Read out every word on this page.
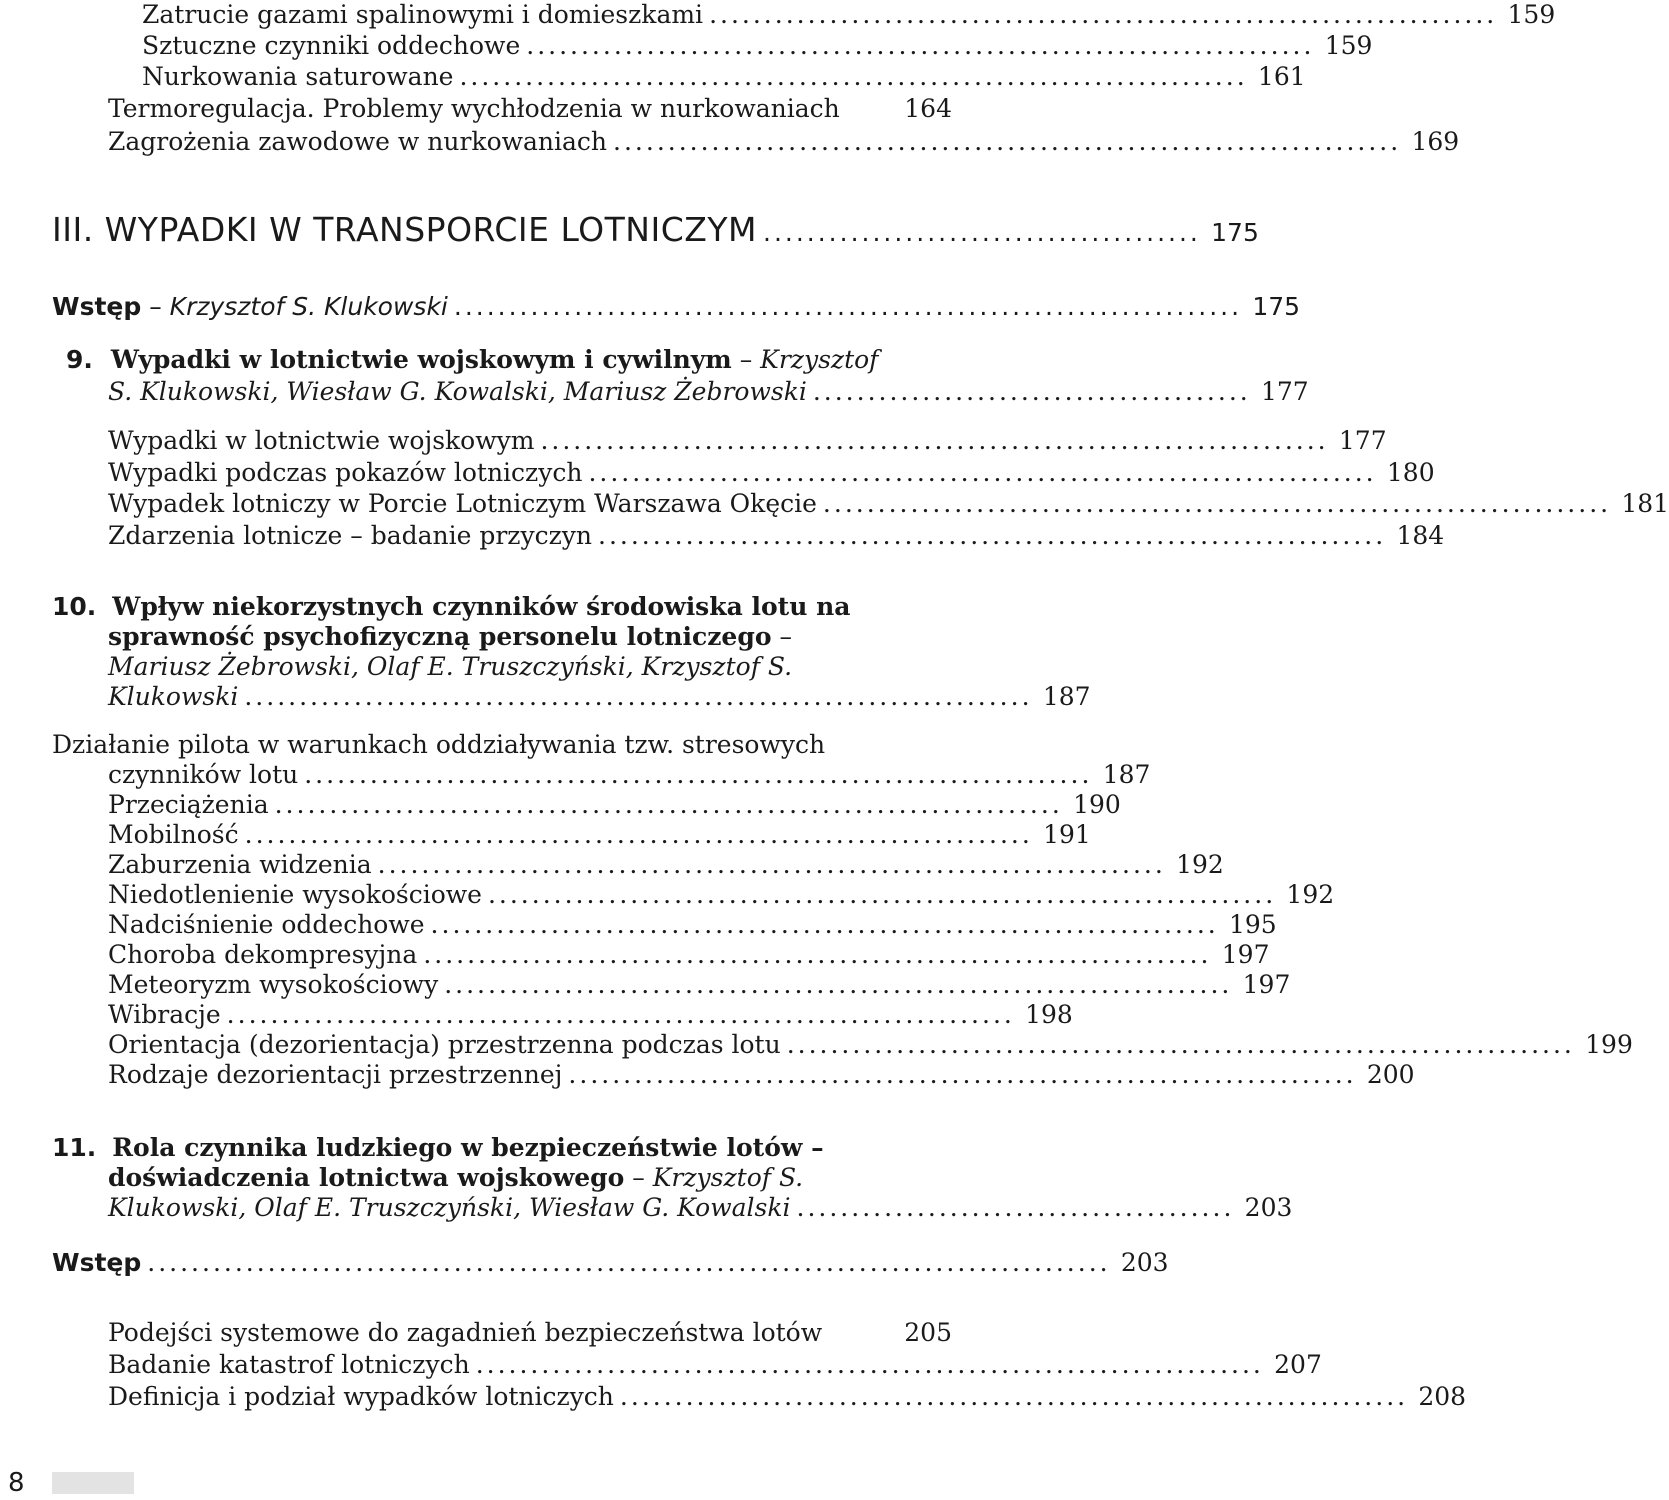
Zatrucie gazami spalinowymi i domieszkami ........................................................................ 159
Sztuczne czynniki oddechowe ........................................................................ 159
Nurkowania saturowane ........................................................................ 161
Termoregulacja. Problemy wychłodzenia w nurkowaniach	164
Zagrożenia zawodowe w nurkowaniach ........................................................................ 169
III. WYPADKI W TRANSPORCIE LOTNICZYM ........................................ 175
Wstęp – Krzysztof S. Klukowski ........................................................................ 175
9. Wypadki w lotnictwie wojskowym i cywilnym – Krzysztof
S. Klukowski, Wiesław G. Kowalski, Mariusz Żebrowski ........................................ 177
Wypadki w lotnictwie wojskowym ........................................................................ 177
Wypadki podczas pokazów lotniczych ........................................................................ 180
Wypadek lotniczy w Porcie Lotniczym Warszawa Okęcie ........................................................................ 181
Zdarzenia lotnicze – badanie przyczyn ........................................................................ 184
10. Wpływ niekorzystnych czynników środowiska lotu na
sprawność psychofizyczną personelu lotniczego –
Mariusz Żebrowski, Olaf E. Truszczyński, Krzysztof S.
Klukowski ........................................................................ 187
Działanie pilota w warunkach oddziaływania tzw. stresowych
czynników lotu ........................................................................ 187
Przeciążenia ........................................................................ 190
Mobilność ........................................................................ 191
Zaburzenia widzenia ........................................................................ 192
Niedotlenienie wysokościowe ........................................................................ 192
Nadciśnienie oddechowe ........................................................................ 195
Choroba dekompresyjna ........................................................................ 197
Meteoryzm wysokościowy ........................................................................ 197
Wibracje ........................................................................ 198
Orientacja (dezorientacja) przestrzenna podczas lotu ........................................................................ 199
Rodzaje dezorientacji przestrzennej ........................................................................ 200
11. Rola czynnika ludzkiego w bezpieczeństwie lotów –
doświadczenia lotnictwa wojskowego – Krzysztof S.
Klukowski, Olaf E. Truszczyński, Wiesław G. Kowalski ........................................ 203
Wstęp ........................................................................................ 203
Podejści systemowe do zagadnień bezpieczeństwa lotów	205
Badanie katastrof lotniczych ........................................................................ 207
Definicja i podział wypadków lotniczych ........................................................................ 208
8
